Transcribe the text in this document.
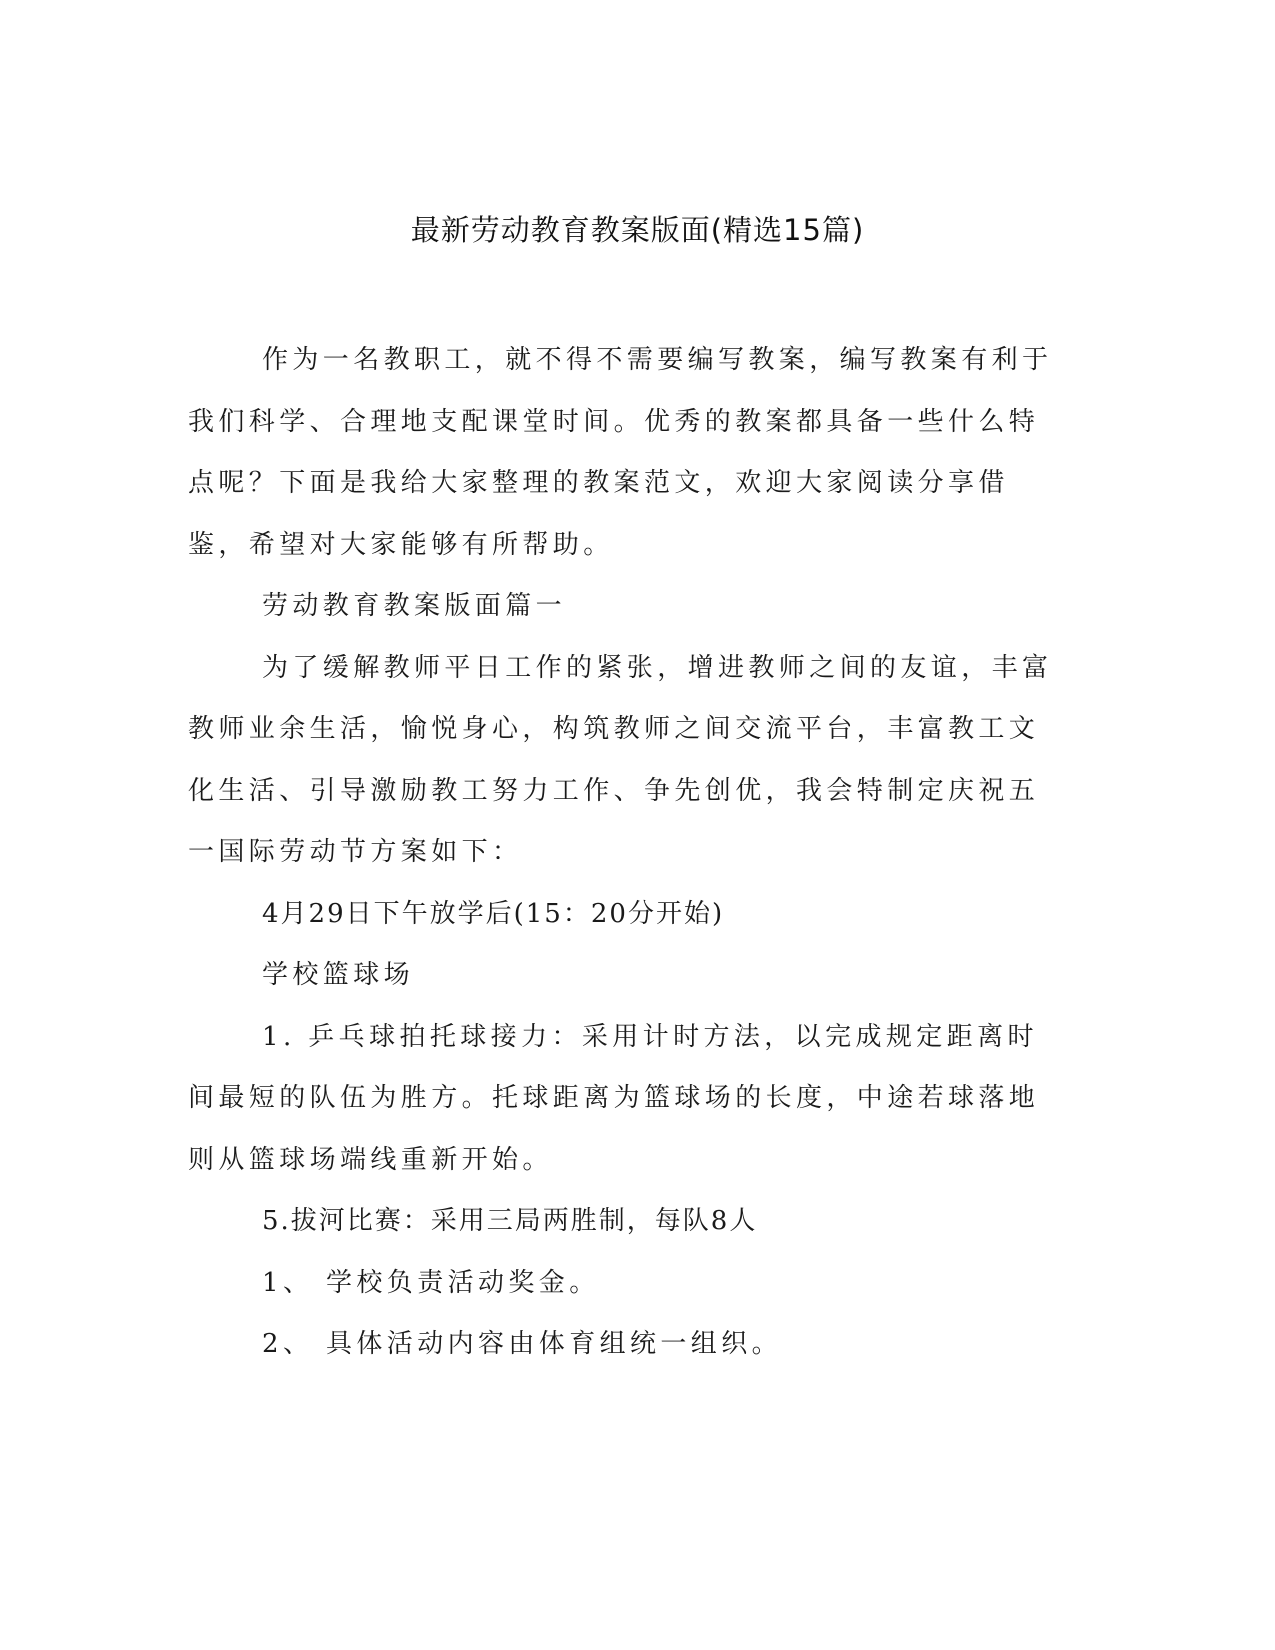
最新劳动教育教案版面(精选15篇)

作为一名教职工，就不得不需要编写教案，编写教案有利于我们科学、合理地支配课堂时间。优秀的教案都具备一些什么特点呢？下面是我给大家整理的教案范文，欢迎大家阅读分享借鉴，希望对大家能够有所帮助。

劳动教育教案版面篇一

为了缓解教师平日工作的紧张，增进教师之间的友谊，丰富教师业余生活，愉悦身心，构筑教师之间交流平台，丰富教工文化生活、引导激励教工努力工作、争先创优，我会特制定庆祝五一国际劳动节方案如下：

4月29日下午放学后(15：20分开始)

学校篮球场

1. 乒乓球拍托球接力：采用计时方法，以完成规定距离时间最短的队伍为胜方。托球距离为篮球场的长度，中途若球落地则从篮球场端线重新开始。

5.拔河比赛：采用三局两胜制，每队8人

1、 学校负责活动奖金。

2、 具体活动内容由体育组统一组织。
